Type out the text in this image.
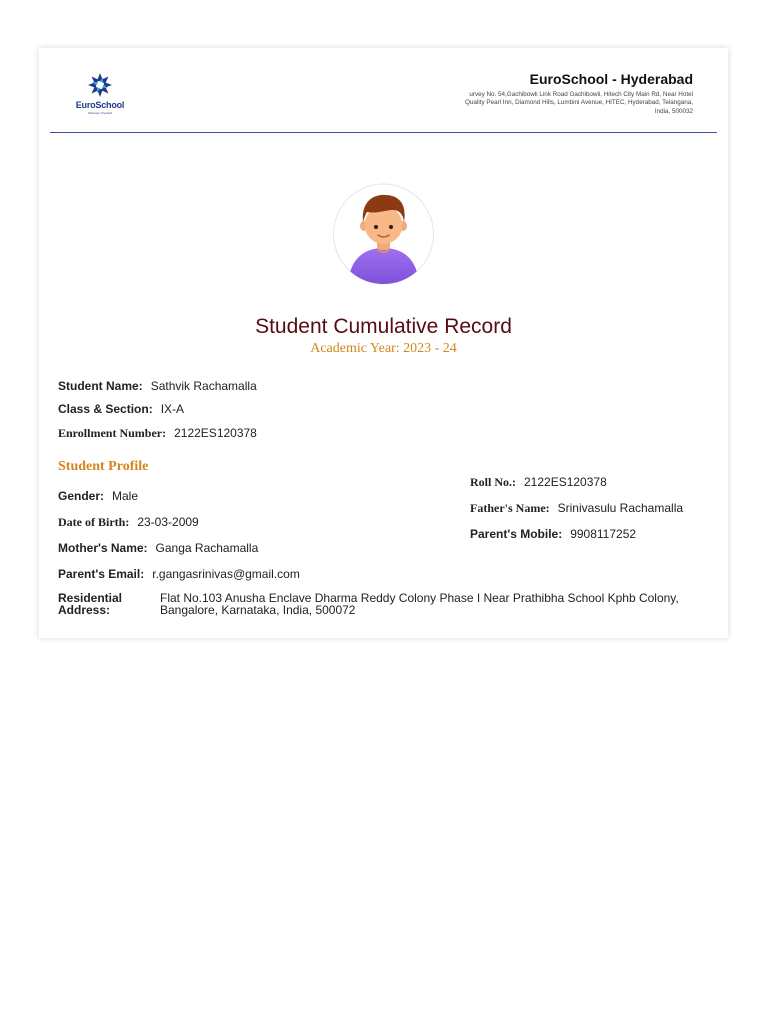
EuroSchool
Discover Yourself
EuroSchool - Hyderabad
urvey No. 54,Gachibowli Link Road Gachibowli, Hitech City Main Rd, Near Hotel Quality Pearl Inn, Diamond Hills, Lumbini Avenue, HITEC, Hyderabad, Telangana, India, 500032
Student Cumulative Record
Academic Year: 2023 - 24
Student Name: Sathvik Rachamalla
Class & Section: IX-A
Enrollment Number: 2122ES120378
Student Profile
Gender: Male
Date of Birth: 23-03-2009
Mother's Name: Ganga Rachamalla
Parent's Email: r.gangasrinivas@gmail.com
Roll No.: 2122ES120378
Father's Name: Srinivasulu Rachamalla
Parent's Mobile: 9908117252
Residential Address:
Flat No.103 Anusha Enclave Dharma Reddy Colony Phase I Near Prathibha School Kphb Colony, Bangalore, Karnataka, India, 500072
